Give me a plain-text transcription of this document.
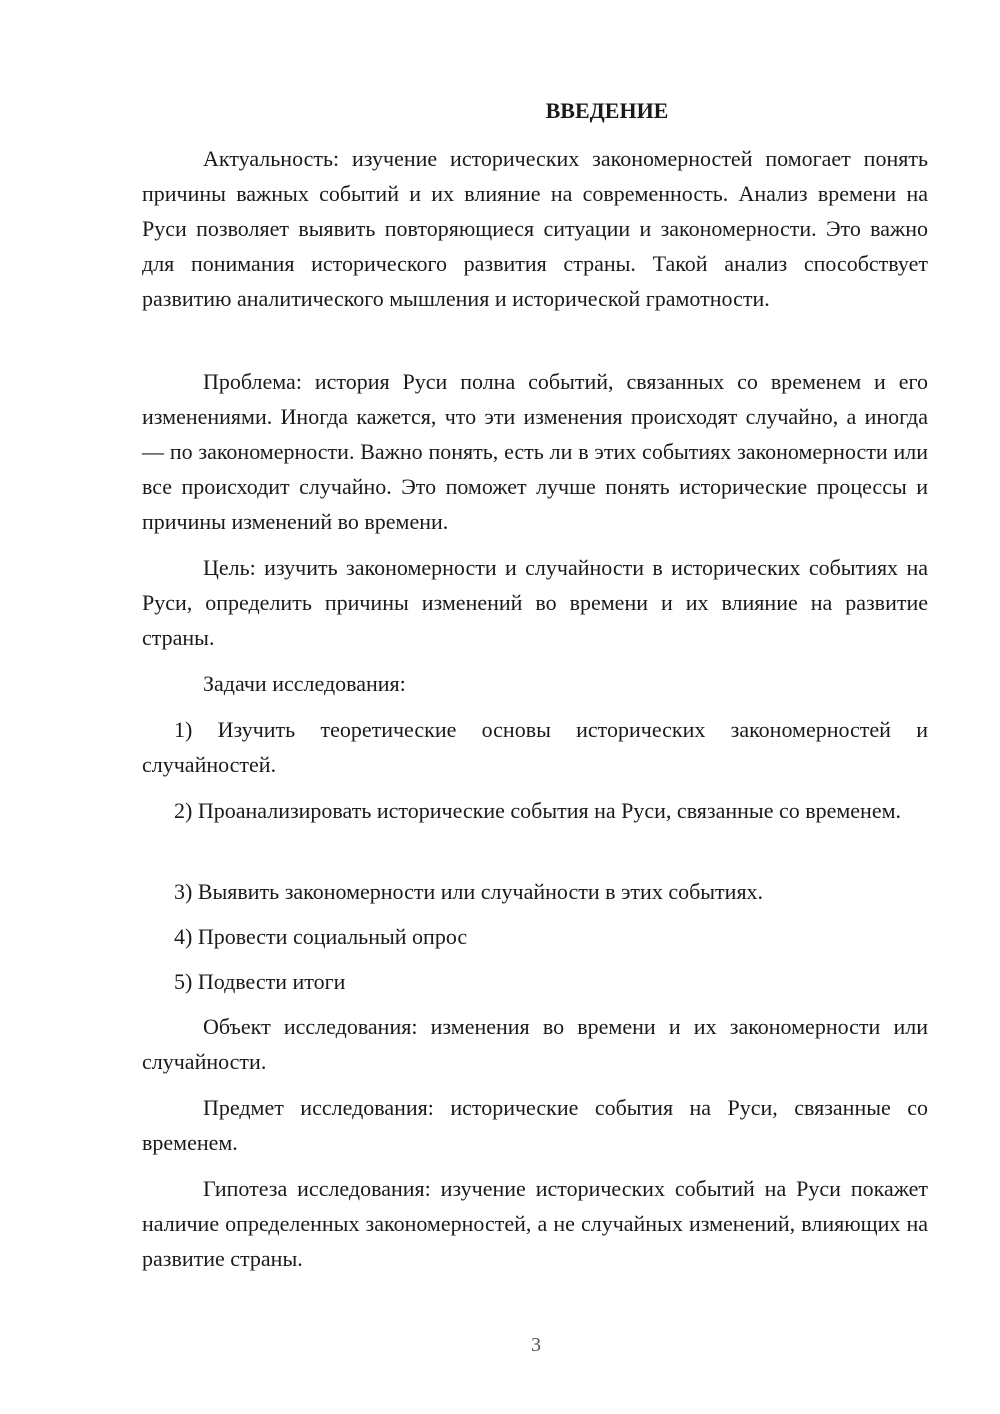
ВВЕДЕНИЕ

Актуальность: изучение исторических закономерностей помогает понять причины важных событий и их влияние на современность. Анализ времени на Руси позволяет выявить повторяющиеся ситуации и закономерности. Это важно для понимания исторического развития страны. Такой анализ способствует развитию аналитического мышления и исторической грамотности.

Проблема: история Руси полна событий, связанных со временем и его изменениями. Иногда кажется, что эти изменения происходят случайно, а иногда — по закономерности. Важно понять, есть ли в этих событиях закономерности или все происходит случайно. Это поможет лучше понять исторические процессы и причины изменений во времени.

Цель: изучить закономерности и случайности в исторических событиях на Руси, определить причины изменений во времени и их влияние на развитие страны.

Задачи исследования:

1) Изучить теоретические основы исторических закономерностей и случайностей.

2) Проанализировать исторические события на Руси, связанные со временем.

3) Выявить закономерности или случайности в этих событиях.

4) Провести социальный опрос

5) Подвести итоги

Объект исследования: изменения во времени и их закономерности или случайности.

Предмет исследования: исторические события на Руси, связанные со временем.

Гипотеза исследования: изучение исторических событий на Руси покажет наличие определенных закономерностей, а не случайных изменений, влияющих на развитие страны.

3
